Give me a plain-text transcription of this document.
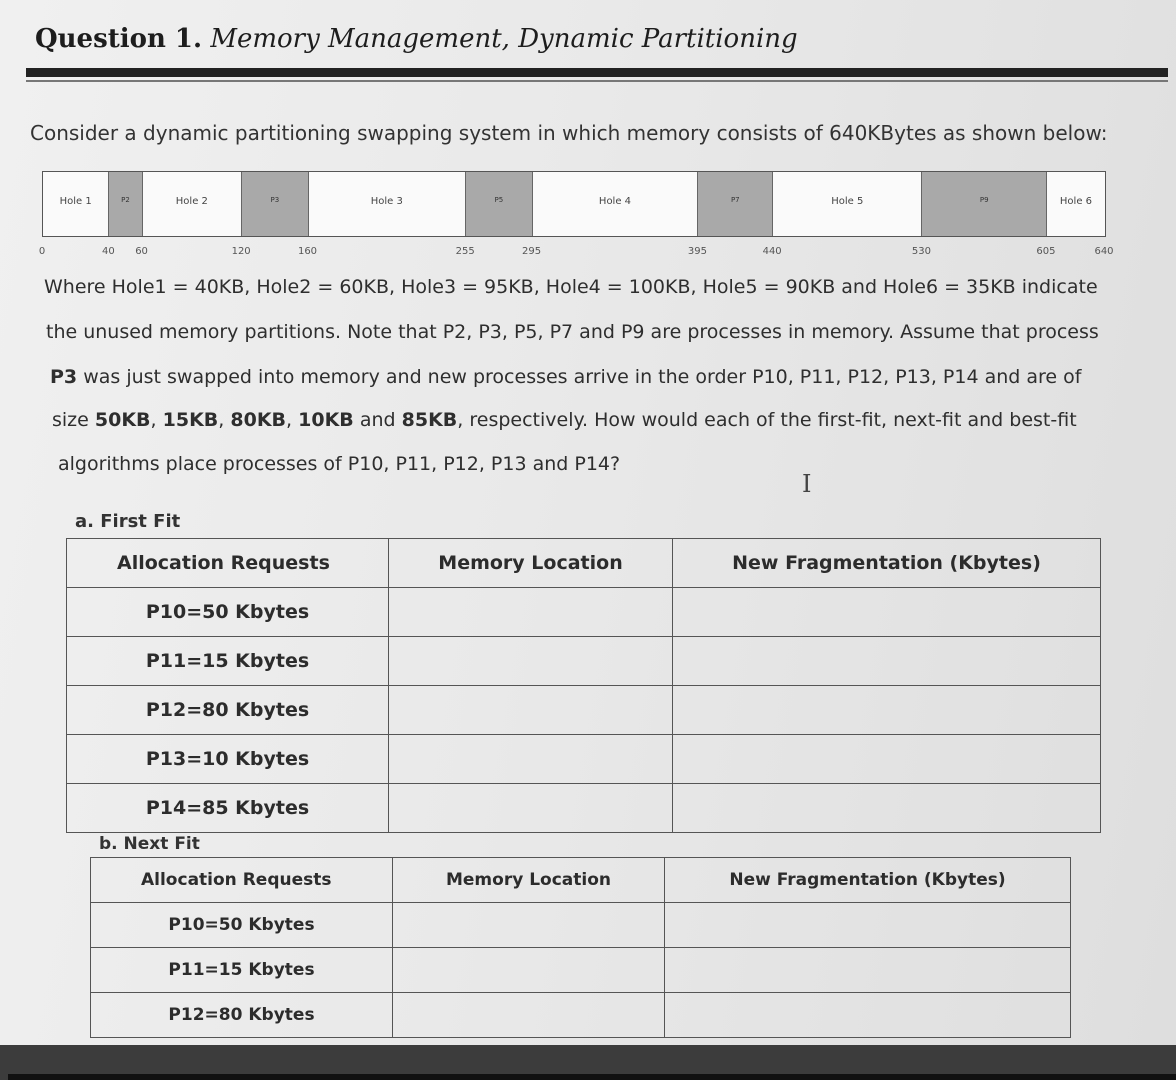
Question 1. Memory Management, Dynamic Partitioning
Consider a dynamic partitioning swapping system in which memory consists of 640KBytes as shown below:
Hole 1	P2	Hole 2	P3	Hole 3	P5	Hole 4	P7	Hole 5	P9	Hole 6
0	40 60	120	160	255	295	395	440	530	605	640
Where Hole1 = 40KB, Hole2 = 60KB, Hole3 = 95KB, Hole4 = 100KB, Hole5 = 90KB and Hole6 = 35KB indicate
the unused memory partitions. Note that P2, P3, P5, P7 and P9 are processes in memory. Assume that process
P3 was just swapped into memory and new processes arrive in the order P10, P11, P12, P13, P14 and are of
size 50KB, 15KB, 80KB, 10KB and 85KB, respectively. How would each of the first-fit, next-fit and best-fit
algorithms place processes of P10, P11, P12, P13 and P14?
I
a. First Fit
Allocation Requests	Memory Location	New Fragmentation (Kbytes)
P10=50 Kbytes		
P11=15 Kbytes		
P12=80 Kbytes		
P13=10 Kbytes		
P14=85 Kbytes		
b. Next Fit
Allocation Requests	Memory Location	New Fragmentation (Kbytes)
P10=50 Kbytes		
P11=15 Kbytes		
P12=80 Kbytes		
